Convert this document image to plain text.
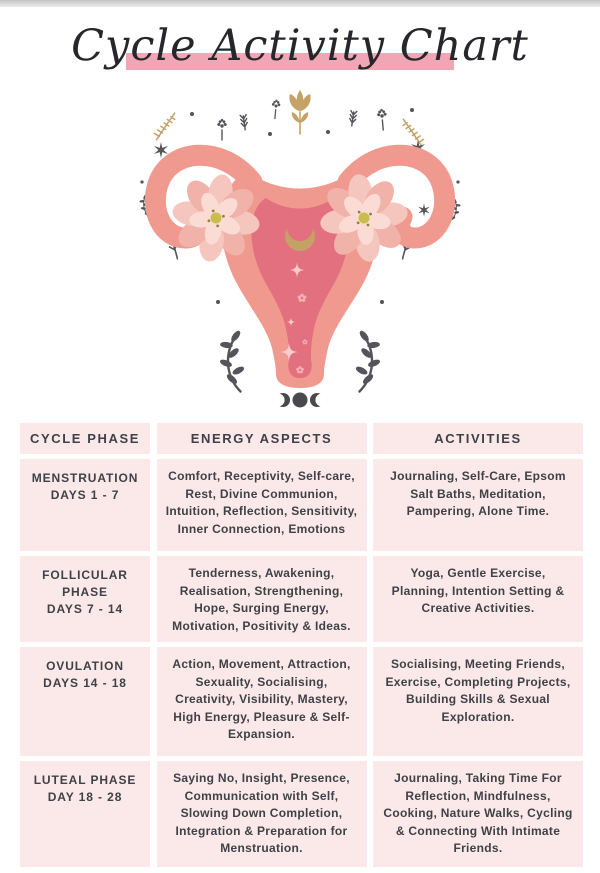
Cycle Activity Chart
CYCLE PHASE	ENERGY ASPECTS	ACTIVITIES
MENSTRUATION
DAYS 1 - 7
Comfort, Receptivity, Self-care, Rest, Divine Communion, Intuition, Reflection, Sensitivity, Inner Connection, Emotions
Journaling, Self-Care, Epsom Salt Baths, Meditation, Pampering, Alone Time.
FOLLICULAR PHASE
DAYS 7 - 14
Tenderness, Awakening, Realisation, Strengthening, Hope, Surging Energy, Motivation, Positivity & Ideas.
Yoga, Gentle Exercise, Planning, Intention Setting & Creative Activities.
OVULATION
DAYS 14 - 18
Action, Movement, Attraction, Sexuality, Socialising, Creativity, Visibility, Mastery, High Energy, Pleasure & Self-Expansion.
Socialising, Meeting Friends, Exercise, Completing Projects, Building Skills & Sexual Exploration.
LUTEAL PHASE
DAY 18 - 28
Saying No, Insight, Presence, Communication with Self, Slowing Down Completion, Integration & Preparation for Menstruation.
Journaling, Taking Time For Reflection, Mindfulness, Cooking, Nature Walks, Cycling & Connecting With Intimate Friends.
